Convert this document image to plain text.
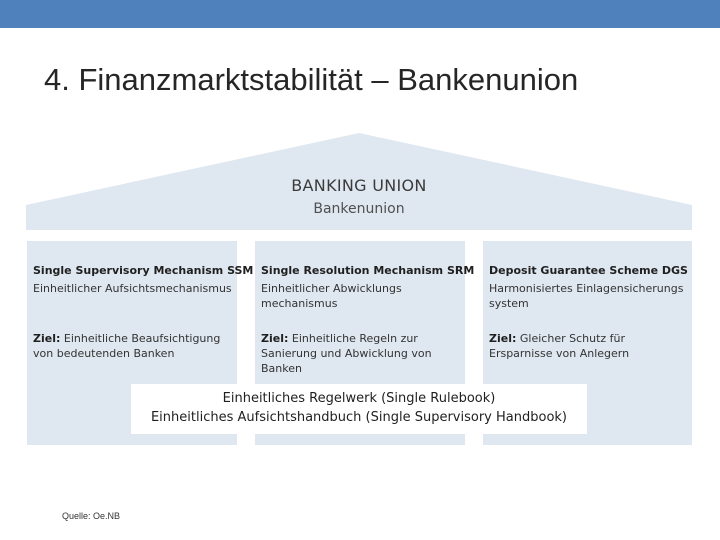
4. Finanzmarktstabilität – Bankenunion
BANKING UNION
Bankenunion
Single Supervisory Mechanism SSM
Einheitlicher Aufsichtsmechanismus
Ziel: Einheitliche Beaufsichtigung von bedeutenden Banken
Single Resolution Mechanism SRM
Einheitlicher Abwicklungs mechanismus
Ziel: Einheitliche Regeln zur Sanierung und Abwicklung von Banken
Deposit Guarantee Scheme DGS
Harmonisiertes Einlagensicherungs system
Ziel: Gleicher Schutz für Ersparnisse von Anlegern
Einheitliches Regelwerk (Single Rulebook)
Einheitliches Aufsichtshandbuch (Single Supervisory Handbook)
Quelle: Oe.NB
